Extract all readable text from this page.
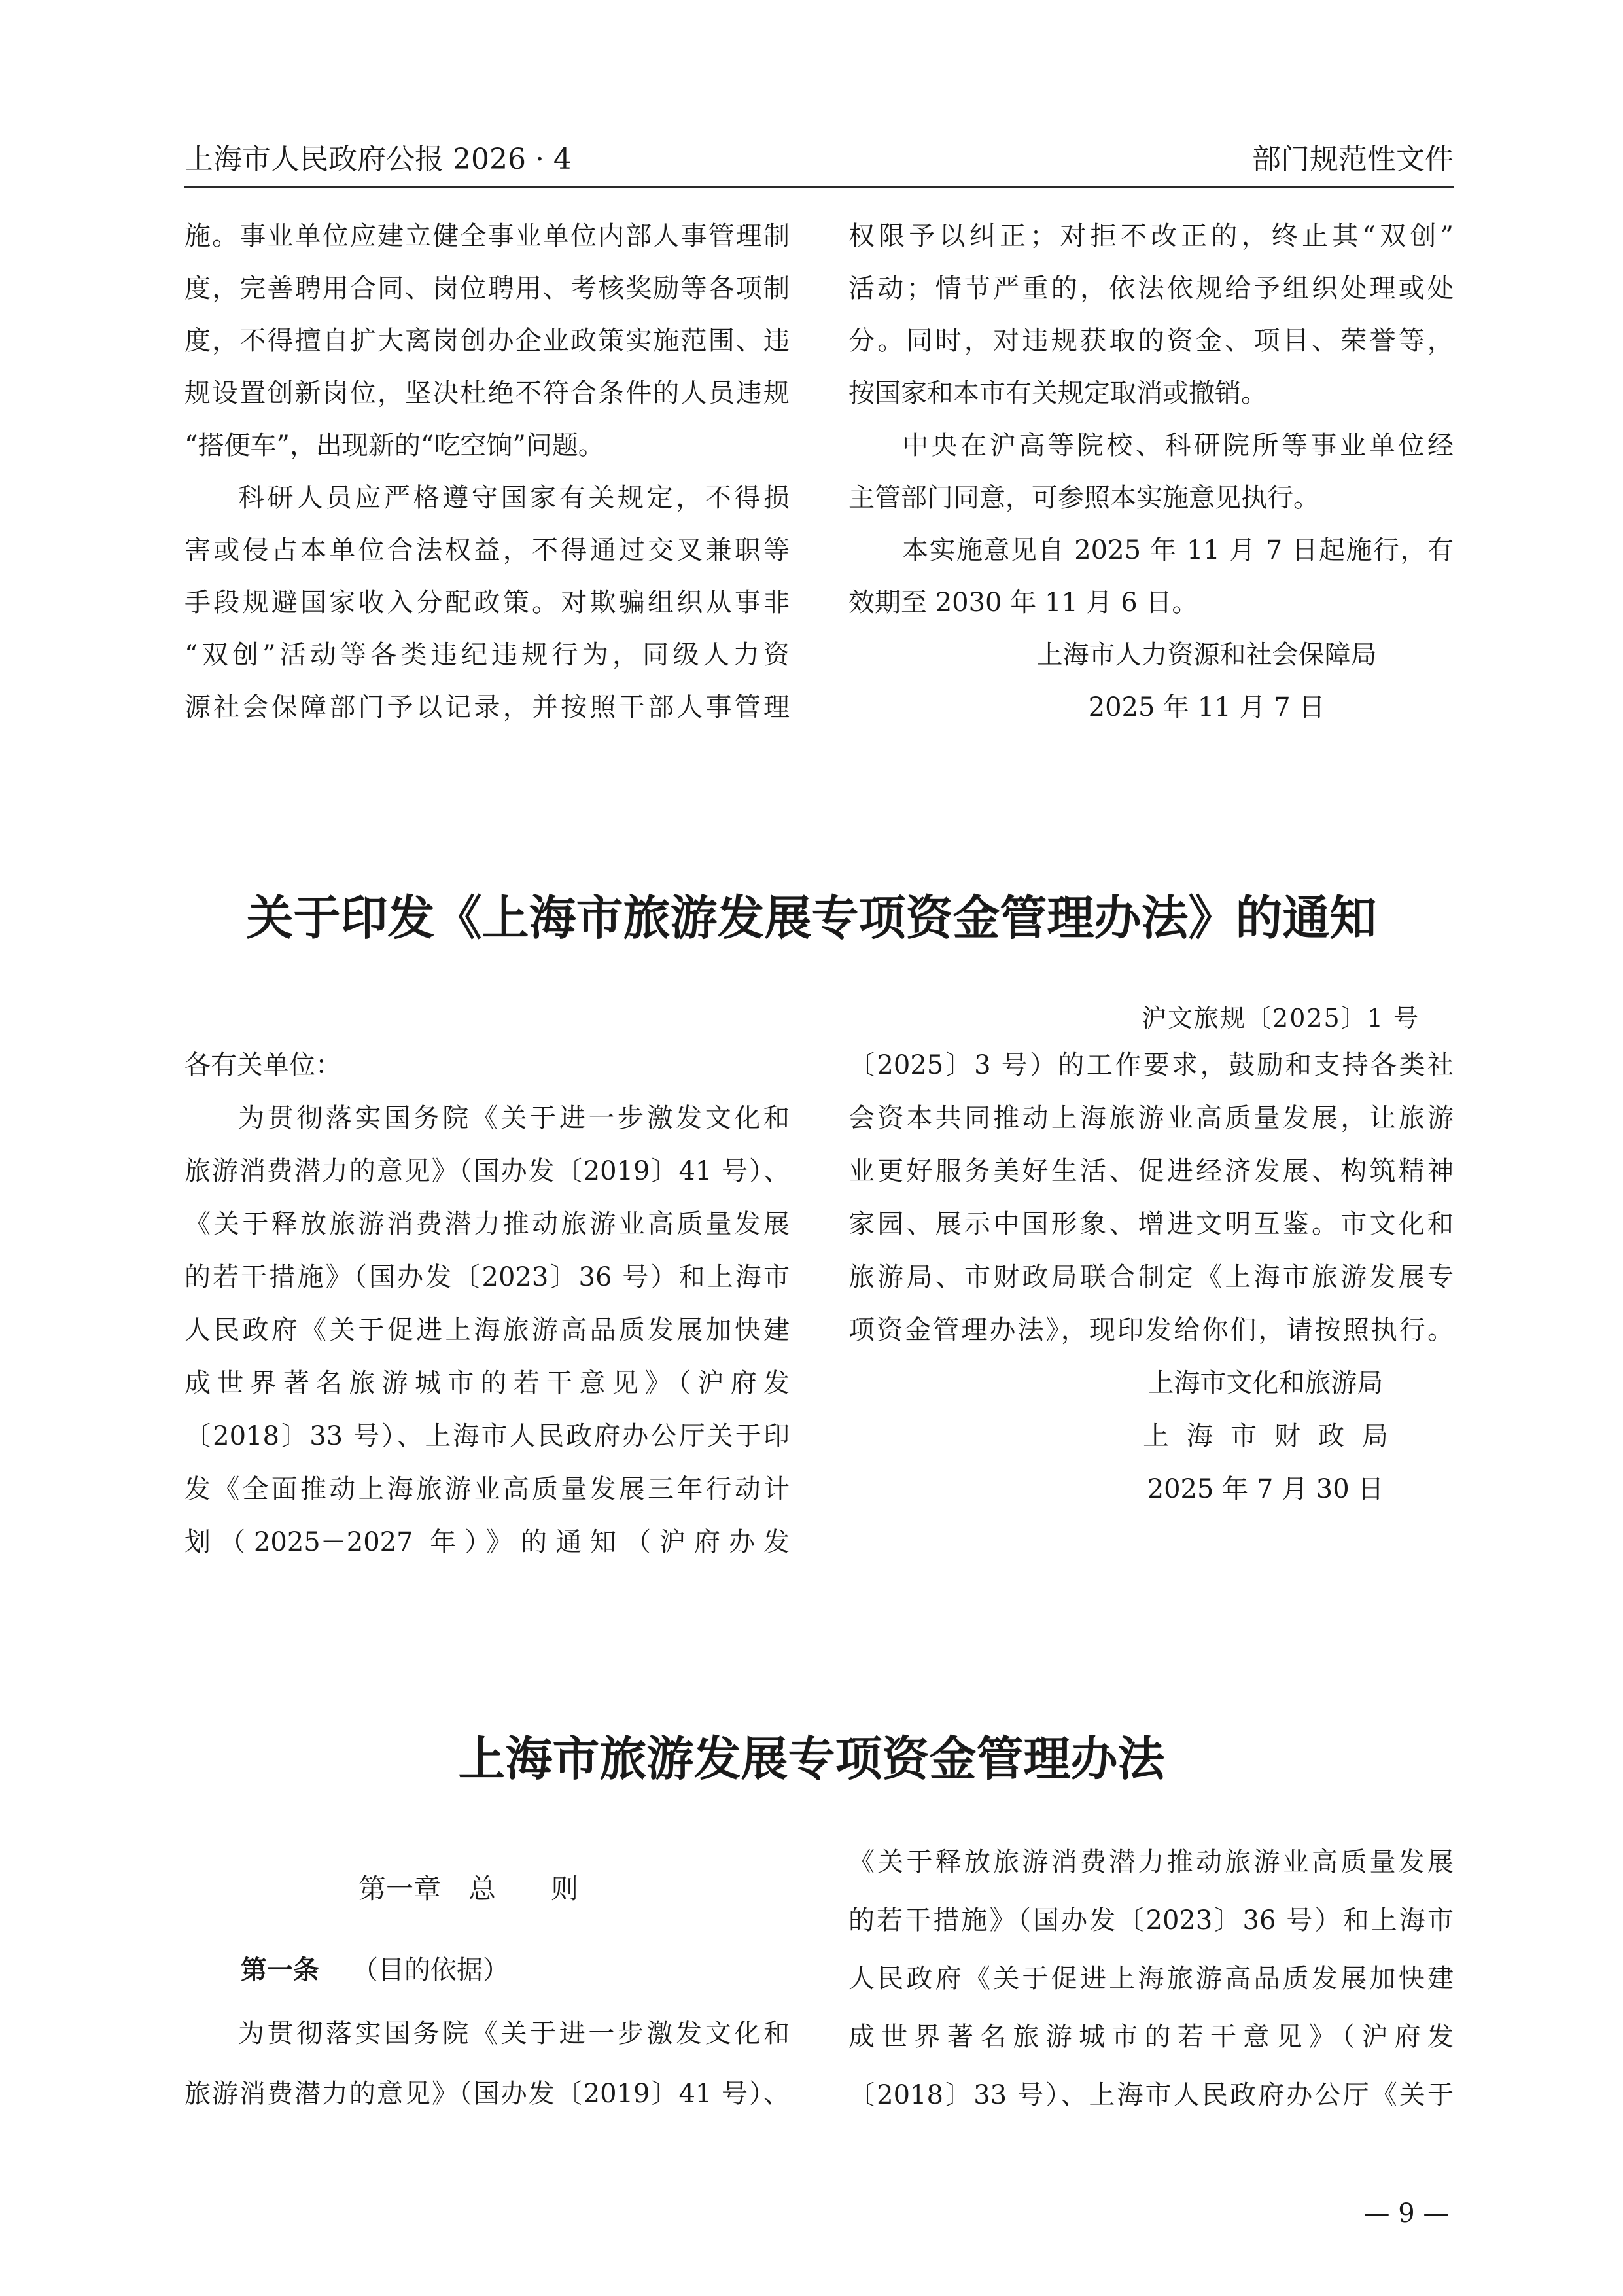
上海市人民政府公报 2026 · 4	部门规范性文件
施。事业单位应建立健全事业单位内部人事管理制
度，完善聘用合同、岗位聘用、考核奖励等各项制
度，不得擅自扩大离岗创办企业政策实施范围、违
规设置创新岗位，坚决杜绝不符合条件的人员违规
“搭便车”，出现新的“吃空饷”问题。
科研人员应严格遵守国家有关规定，不得损
害或侵占本单位合法权益，不得通过交叉兼职等
手段规避国家收入分配政策。对欺骗组织从事非
“双创”活动等各类违纪违规行为，同级人力资
源社会保障部门予以记录，并按照干部人事管理
权限予以纠正；对拒不改正的，终止其“双创”
活动；情节严重的，依法依规给予组织处理或处
分。同时，对违规获取的资金、项目、荣誉等，
按国家和本市有关规定取消或撤销。
中央在沪高等院校、科研院所等事业单位经
主管部门同意，可参照本实施意见执行。
本实施意见自 2025 年 11 月 7 日起施行，有
效期至 2030 年 11 月 6 日。
上海市人力资源和社会保障局
2025 年 11 月 7 日
关于印发《上海市旅游发展专项资金管理办法》的通知
沪文旅规〔2025〕1 号
各有关单位：
为贯彻落实国务院《关于进一步激发文化和
旅游消费潜力的意见》（国办发〔2019〕41 号）、
《关于释放旅游消费潜力推动旅游业高质量发展
的若干措施》（国办发〔2023〕36 号）和上海市
人民政府《关于促进上海旅游高品质发展加快建
成世界著名旅游城市的若干意见》（沪府发
〔2018〕33 号）、上海市人民政府办公厅关于印
发《全面推动上海旅游业高质量发展三年行动计
划（2025－2027 年）》的通知（沪府办发
〔2025〕3 号）的工作要求，鼓励和支持各类社
会资本共同推动上海旅游业高质量发展，让旅游
业更好服务美好生活、促进经济发展、构筑精神
家园、展示中国形象、增进文明互鉴。市文化和
旅游局、市财政局联合制定《上海市旅游发展专
项资金管理办法》，现印发给你们，请按照执行。
上海市文化和旅游局
上海市财政局
2025 年 7 月 30 日
上海市旅游发展专项资金管理办法
第一章　总　　则
第一条 （目的依据）
为贯彻落实国务院《关于进一步激发文化和
旅游消费潜力的意见》（国办发〔2019〕41 号）、
《关于释放旅游消费潜力推动旅游业高质量发展
的若干措施》（国办发〔2023〕36 号）和上海市
人民政府《关于促进上海旅游高品质发展加快建
成世界著名旅游城市的若干意见》（沪府发
〔2018〕33 号）、上海市人民政府办公厅《关于
— 9 —
